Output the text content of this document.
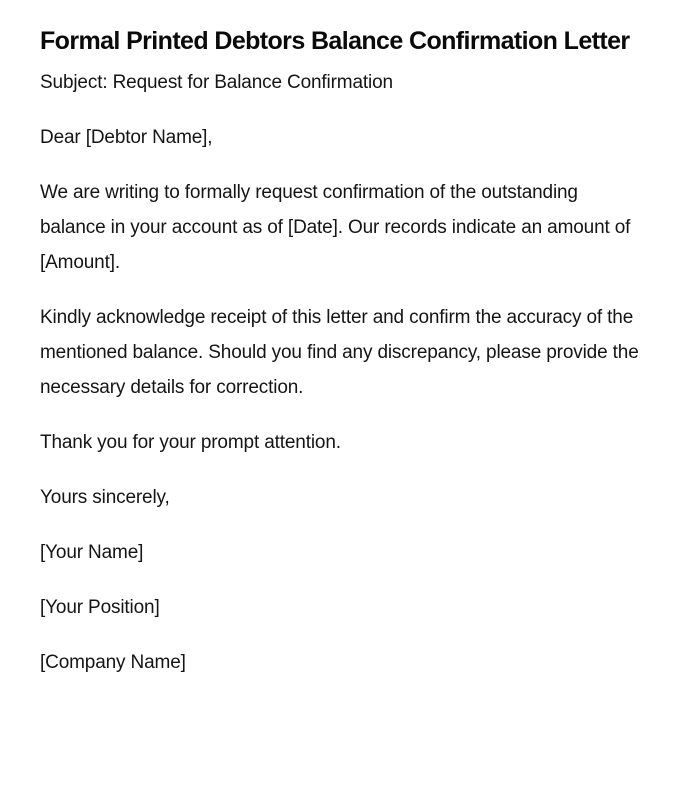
Formal Printed Debtors Balance Confirmation Letter

Subject: Request for Balance Confirmation

Dear [Debtor Name],

We are writing to formally request confirmation of the outstanding balance in your account as of [Date]. Our records indicate an amount of [Amount].

Kindly acknowledge receipt of this letter and confirm the accuracy of the mentioned balance. Should you find any discrepancy, please provide the necessary details for correction.

Thank you for your prompt attention.

Yours sincerely,

[Your Name]

[Your Position]

[Company Name]
